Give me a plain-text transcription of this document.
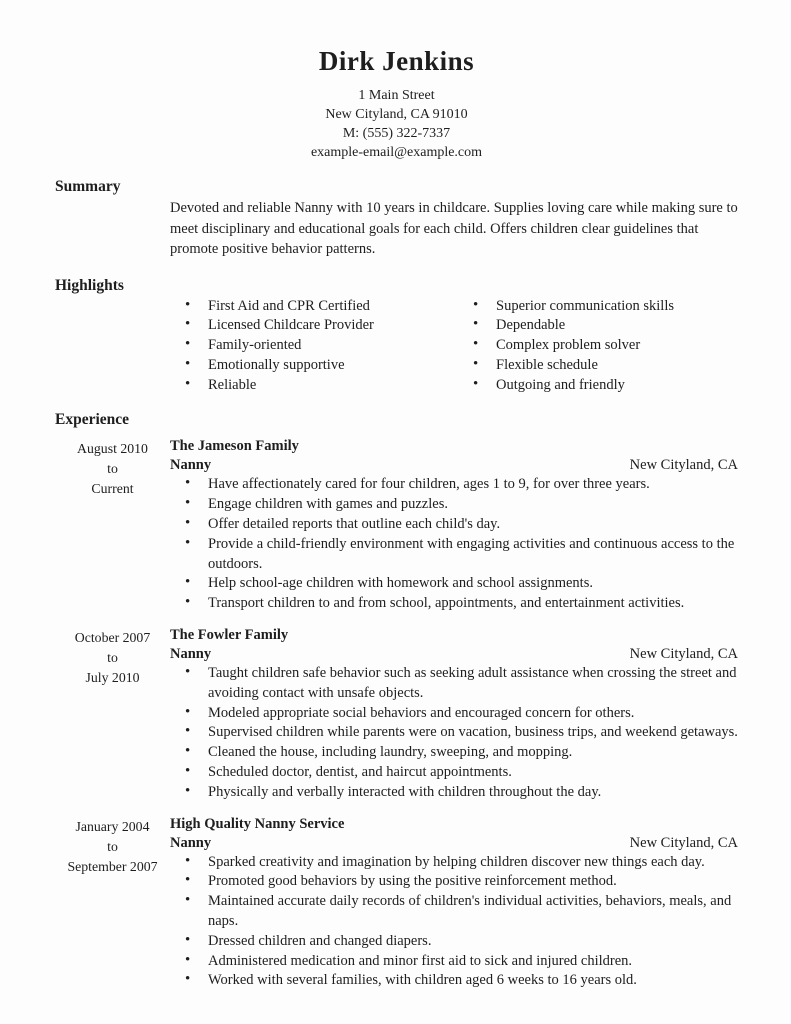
Dirk Jenkins
1 Main Street
New Cityland, CA 91010
M: (555) 322-7337
example-email@example.com
Summary

Devoted and reliable Nanny with 10 years in childcare. Supplies loving care while making sure to meet disciplinary and educational goals for each child. Offers children clear guidelines that promote positive behavior patterns.

Highlights
• First Aid and CPR Certified
• Licensed Childcare Provider
• Family-oriented
• Emotionally supportive
• Reliable
• Superior communication skills
• Dependable
• Complex problem solver
• Flexible schedule
• Outgoing and friendly
Experience
August 2010
to
Current
The Jameson Family
Nanny	New Cityland, CA
• Have affectionately cared for four children, ages 1 to 9, for over three years.
• Engage children with games and puzzles.
• Offer detailed reports that outline each child's day.
• Provide a child-friendly environment with engaging activities and continuous access to the outdoors.
• Help school-age children with homework and school assignments.
• Transport children to and from school, appointments, and entertainment activities.
October 2007
to
July 2010
The Fowler Family
Nanny	New Cityland, CA
• Taught children safe behavior such as seeking adult assistance when crossing the street and avoiding contact with unsafe objects.
• Modeled appropriate social behaviors and encouraged concern for others.
• Supervised children while parents were on vacation, business trips, and weekend getaways.
• Cleaned the house, including laundry, sweeping, and mopping.
• Scheduled doctor, dentist, and haircut appointments.
• Physically and verbally interacted with children throughout the day.
January 2004
to
September 2007
High Quality Nanny Service
Nanny	New Cityland, CA
• Sparked creativity and imagination by helping children discover new things each day.
• Promoted good behaviors by using the positive reinforcement method.
• Maintained accurate daily records of children's individual activities, behaviors, meals, and naps.
• Dressed children and changed diapers.
• Administered medication and minor first aid to sick and injured children.
• Worked with several families, with children aged 6 weeks to 16 years old.
